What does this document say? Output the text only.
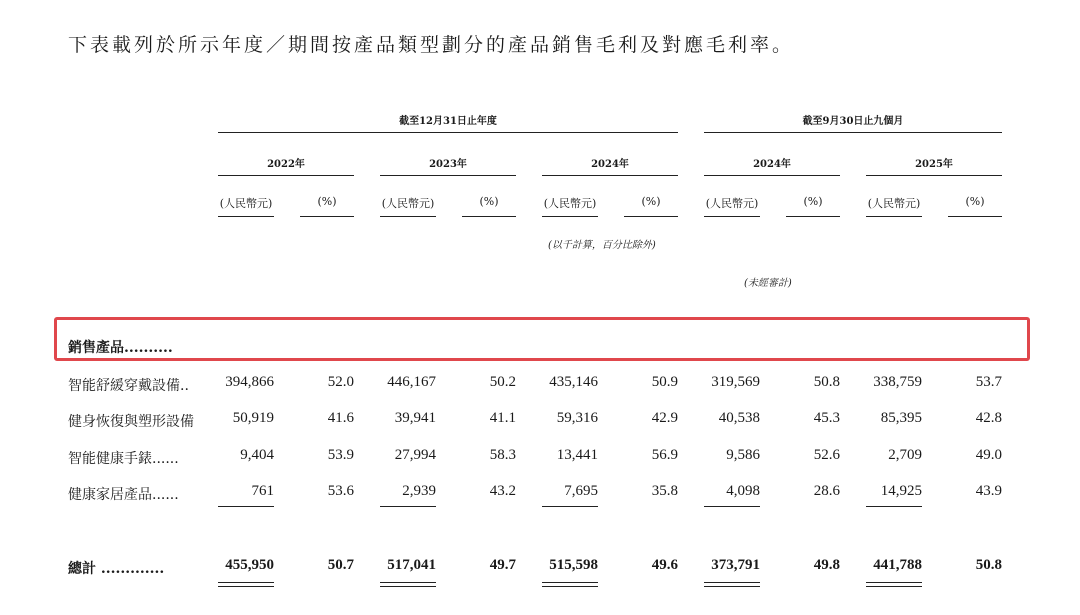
下表載列於所示年度／期間按產品類型劃分的產品銷售毛利及對應毛利率。
截至12月31日止年度	截至9月30日止九個月
2022年	2023年	2024年	2024年	2025年
(人民幣元)	(%)	(人民幣元)	(%)	(人民幣元)	(%)	(人民幣元)	(%)	(人民幣元)	(%)
(以千計算，百分比除外)
(未經審計)
銷售產品..........
智能舒緩穿戴設備..	394,866	52.0	446,167	50.2	435,146	50.9	319,569	50.8	338,759	53.7
健身恢復與塑形設備	50,919	41.6	39,941	41.1	59,316	42.9	40,538	45.3	85,395	42.8
智能健康手錶......	9,404	53.9	27,994	58.3	13,441	56.9	9,586	52.6	2,709	49.0
健康家居產品......	761	53.6	2,939	43.2	7,695	35.8	4,098	28.6	14,925	43.9
總計 .............	455,950	50.7	517,041	49.7	515,598	49.6	373,791	49.8	441,788	50.8
